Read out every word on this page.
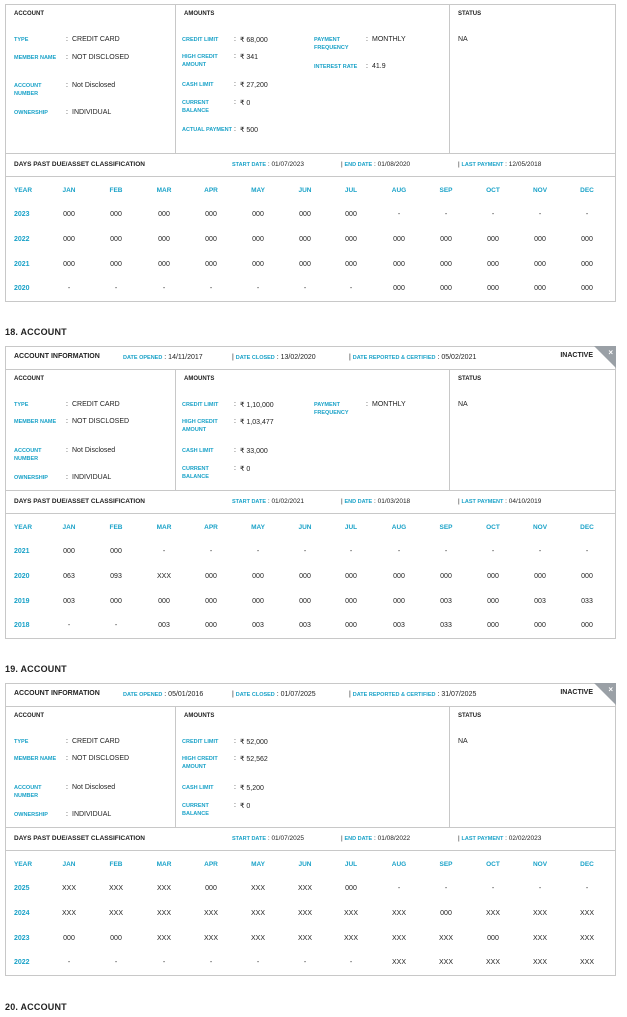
ACCOUNT
TYPE	: CREDIT CARD
MEMBER NAME	: NOT DISCLOSED
ACCOUNT NUMBER
: Not Disclosed
OWNERSHIP	: INDIVIDUAL
AMOUNTS
CREDIT LIMIT	: ₹ 68,000
HIGH CREDIT AMOUNT
: ₹ 341
CASH LIMIT	: ₹ 27,200
CURRENT BALANCE
: ₹ 0
ACTUAL PAYMENT : ₹ 500
PAYMENT FREQUENCY
: MONTHLY
INTEREST RATE	: 41.9
STATUS
NA
DAYS PAST DUE/ASSET CLASSIFICATION	START DATE : 01/07/2023	| END DATE : 01/08/2020	| LAST PAYMENT : 12/05/2018
YEAR	JAN	FEB	MAR	APR	MAY	JUN	JUL	AUG	SEP	OCT	NOV	DEC
2023	000	000	000	000	000	000	000	-	-	-	-	-
2022	000	000	000	000	000	000	000	000	000	000	000	000
2021	000	000	000	000	000	000	000	000	000	000	000	000
2020	-	-	-	-	-	-	-	000	000	000	000	000
18. ACCOUNT
ACCOUNT INFORMATION	DATE OPENED : 14/11/2017	| DATE CLOSED : 13/02/2020	| DATE REPORTED & CERTIFIED : 05/02/2021	INACTIVE ×
ACCOUNT
TYPE	: CREDIT CARD
MEMBER NAME	: NOT DISCLOSED
ACCOUNT NUMBER
: Not Disclosed
OWNERSHIP	: INDIVIDUAL
AMOUNTS
CREDIT LIMIT	: ₹ 1,10,000
HIGH CREDIT AMOUNT
: ₹ 1,03,477
CASH LIMIT	: ₹ 33,000
CURRENT BALANCE
: ₹ 0
PAYMENT FREQUENCY
: MONTHLY
STATUS
NA
DAYS PAST DUE/ASSET CLASSIFICATION	START DATE : 01/02/2021	| END DATE : 01/03/2018	| LAST PAYMENT : 04/10/2019
YEAR	JAN	FEB	MAR	APR	MAY	JUN	JUL	AUG	SEP	OCT	NOV	DEC
2021	000	000	-	-	-	-	-	-	-	-	-	-
2020	063	093	XXX	000	000	000	000	000	000	000	000	000
2019	003	000	000	000	000	000	000	000	003	000	003	033
2018	-	-	003	000	003	003	000	003	033	000	000	000
19. ACCOUNT
ACCOUNT INFORMATION	DATE OPENED : 05/01/2016	| DATE CLOSED : 01/07/2025	| DATE REPORTED & CERTIFIED : 31/07/2025	INACTIVE ×
ACCOUNT
TYPE	: CREDIT CARD
MEMBER NAME	: NOT DISCLOSED
ACCOUNT NUMBER
: Not Disclosed
OWNERSHIP	: INDIVIDUAL
AMOUNTS
CREDIT LIMIT	: ₹ 52,000
HIGH CREDIT AMOUNT
: ₹ 52,562
CASH LIMIT	: ₹ 5,200
CURRENT BALANCE
: ₹ 0
STATUS
NA
DAYS PAST DUE/ASSET CLASSIFICATION	START DATE : 01/07/2025	| END DATE : 01/08/2022	| LAST PAYMENT : 02/02/2023
YEAR	JAN	FEB	MAR	APR	MAY	JUN	JUL	AUG	SEP	OCT	NOV	DEC
2025	XXX	XXX	XXX	000	XXX	XXX	000	-	-	-	-	-
2024	XXX	XXX	XXX	XXX	XXX	XXX	XXX	XXX	000	XXX	XXX	XXX
2023	000	000	XXX	XXX	XXX	XXX	XXX	XXX	XXX	000	XXX	XXX
2022	-	-	-	-	-	-	-	XXX	XXX	XXX	XXX	XXX
20. ACCOUNT
